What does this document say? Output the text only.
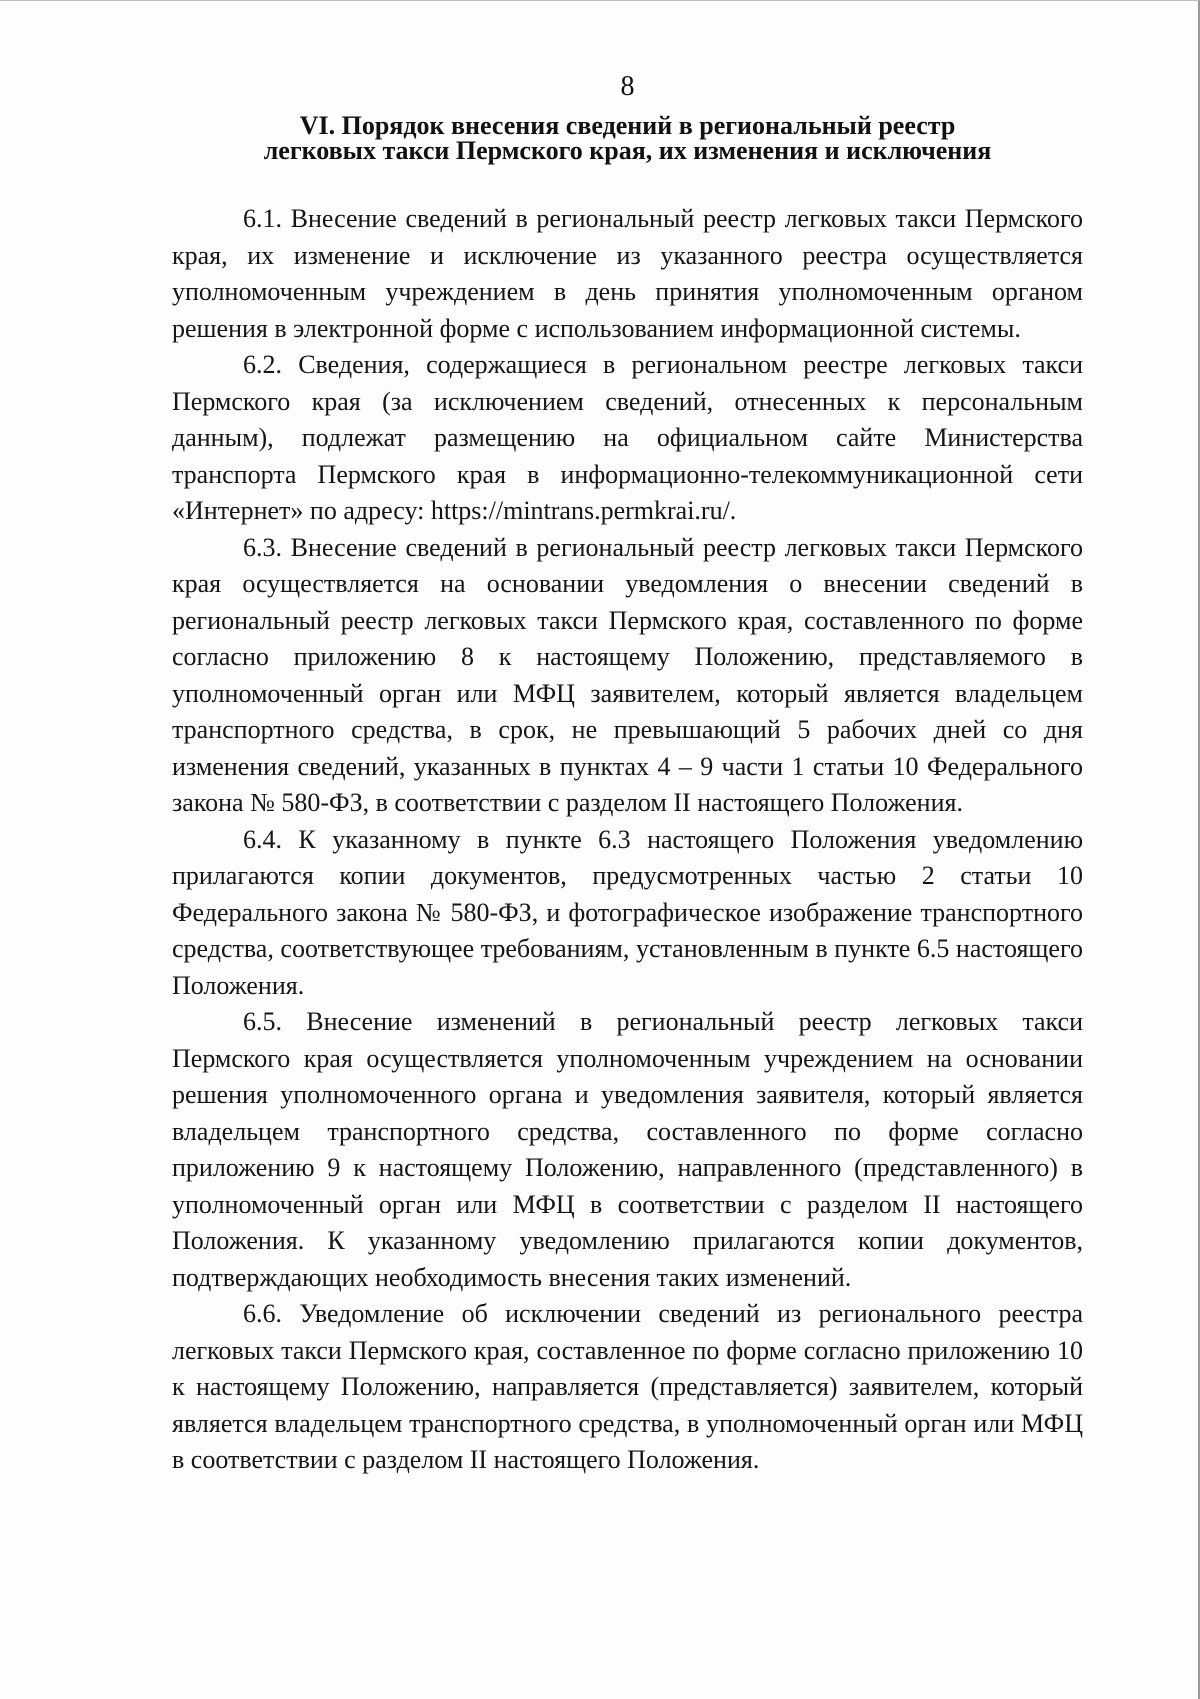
8
VI. Порядок внесения сведений в региональный реестр
легковых такси Пермского края, их изменения и исключения

6.1. Внесение сведений в региональный реестр легковых такси Пермского края, их изменение и исключение из указанного реестра осуществляется уполномоченным учреждением в день принятия уполномоченным органом решения в электронной форме с использованием информационной системы.

6.2. Сведения, содержащиеся в региональном реестре легковых такси Пермского края (за исключением сведений, отнесенных к персональным данным), подлежат размещению на официальном сайте Министерства транспорта Пермского края в информационно-телекоммуникационной сети «Интернет» по адресу: https://mintrans.permkrai.ru/.

6.3. Внесение сведений в региональный реестр легковых такси Пермского края осуществляется на основании уведомления о внесении сведений в региональный реестр легковых такси Пермского края, составленного по форме согласно приложению 8 к настоящему Положению, представляемого в уполномоченный орган или МФЦ заявителем, который является владельцем транспортного средства, в срок, не превышающий 5 рабочих дней со дня изменения сведений, указанных в пунктах 4 – 9 части 1 статьи 10 Федерального закона № 580-ФЗ, в соответствии с разделом II настоящего Положения.

6.4. К указанному в пункте 6.3 настоящего Положения уведомлению прилагаются копии документов, предусмотренных частью 2 статьи 10 Федерального закона № 580-ФЗ, и фотографическое изображение транспортного средства, соответствующее требованиям, установленным в пункте 6.5 настоящего Положения.

6.5. Внесение изменений в региональный реестр легковых такси Пермского края осуществляется уполномоченным учреждением на основании решения уполномоченного органа и уведомления заявителя, который является владельцем транспортного средства, составленного по форме согласно приложению 9 к настоящему Положению, направленного (представленного) в уполномоченный орган или МФЦ в соответствии с разделом II настоящего Положения. К указанному уведомлению прилагаются копии документов, подтверждающих необходимость внесения таких изменений.

6.6. Уведомление об исключении сведений из регионального реестра легковых такси Пермского края, составленное по форме согласно приложению 10 к настоящему Положению, направляется (представляется) заявителем, который является владельцем транспортного средства, в уполномоченный орган или МФЦ в соответствии с разделом II настоящего Положения.
